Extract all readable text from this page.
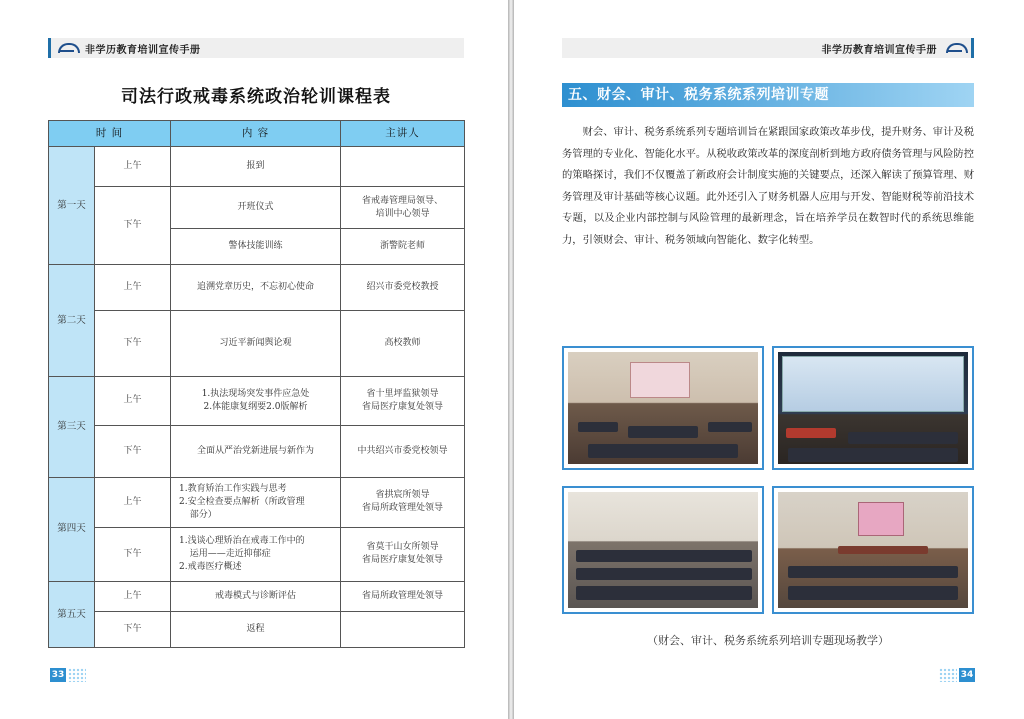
非学历教育培训宣传手册
司法行政戒毒系统政治轮训课程表
时 间		内 容	主讲人
第一天	上午	报到	
	下午	开班仪式	省戒毒管理局领导、
培训中心领导

		警体技能训练	浙警院老师
第二天	上午	追溯党章历史，不忘初心使命	绍兴市委党校教授
	下午	习近平新闻舆论观	高校教师
第三天	上午	1.执法现场突发事件应急处
2.体能康复纲要2.0版解析	省十里坪监狱领导
省局医疗康复处领导

	下午	全面从严治党新进展与新作为	中共绍兴市委党校领导
第四天	上午	1.教育矫治工作实践与思考
2.安全检查要点解析（所政管理
部分）	省拱宸所领导
省局所政管理处领导

	下午	1.浅谈心理矫治在戒毒工作中的
运用——走近抑郁症
2.戒毒医疗概述	省莫干山女所领导
省局医疗康复处领导

第五天	上午	戒毒模式与诊断评估	省局所政管理处领导
	下午	返程	
33
非学历教育培训宣传手册
五、财会、审计、税务系统系列培训专题
财会、审计、税务系统系列专题培训旨在紧跟国家政策改革步伐，提升财务、审计及税务管理的专业化、智能化水平。从税收政策改革的深度剖析到地方政府债务管理与风险防控的策略探讨，我们不仅覆盖了新政府会计制度实施的关键要点，还深入解读了预算管理、财务管理及审计基础等核心议题。此外还引入了财务机器人应用与开发、智能财税等前沿技术专题，以及企业内部控制与风险管理的最新理念，旨在培养学员在数智时代的系统思维能力，引领财会、审计、税务领域向智能化、数字化转型。
（财会、审计、税务系统系列培训专题现场教学）
34
